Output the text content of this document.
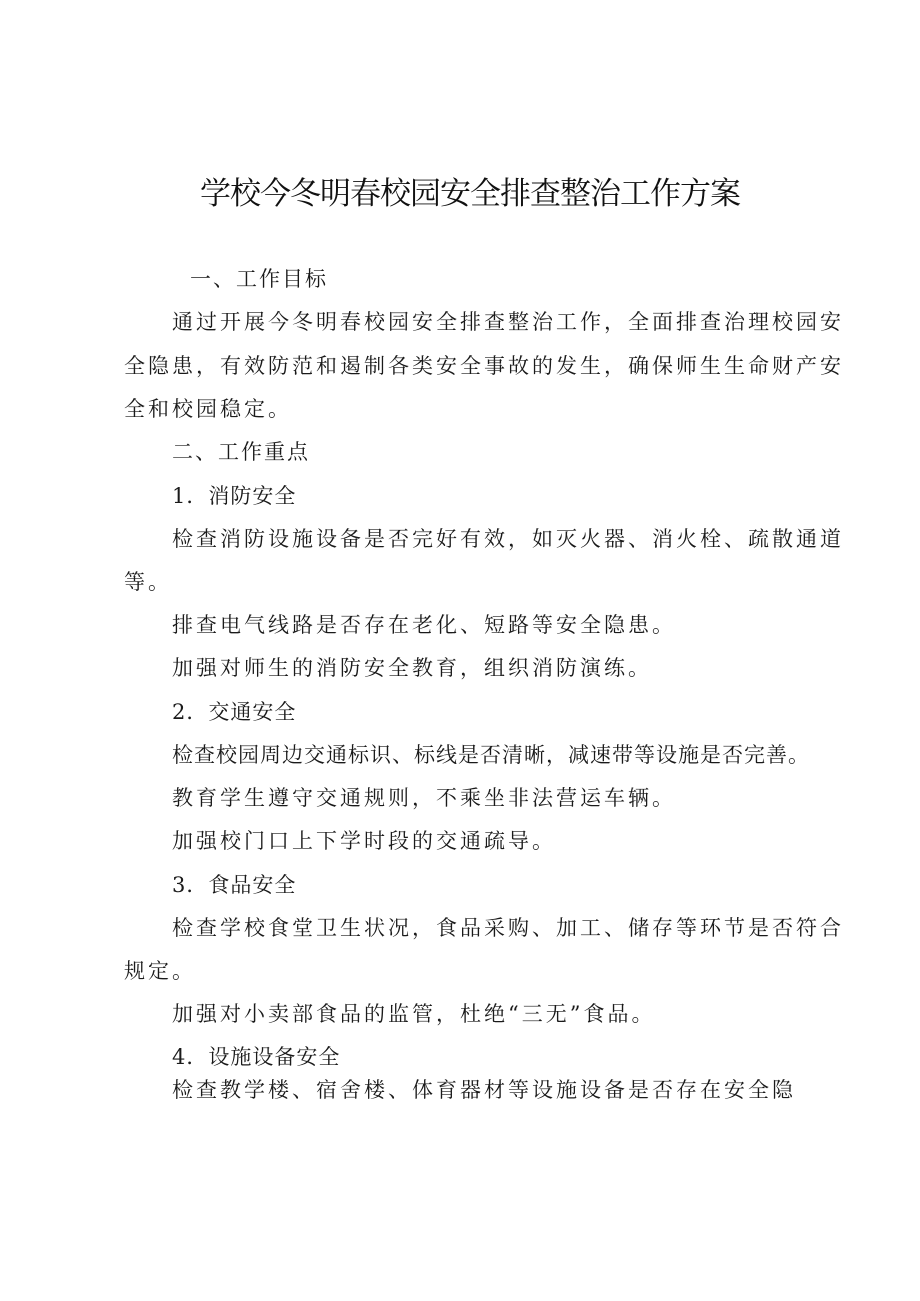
学校今冬明春校园安全排查整治工作方案
一、工作目标
通过开展今冬明春校园安全排查整治工作，全面排查治理校园安
全隐患，有效防范和遏制各类安全事故的发生，确保师生生命财产安
全和校园稳定。
二、工作重点
1．消防安全
检查消防设施设备是否完好有效，如灭火器、消火栓、疏散通道
等。
排查电气线路是否存在老化、短路等安全隐患。
加强对师生的消防安全教育，组织消防演练。
2．交通安全
检查校园周边交通标识、标线是否清晰，减速带等设施是否完善。
教育学生遵守交通规则，不乘坐非法营运车辆。
加强校门口上下学时段的交通疏导。
3．食品安全
检查学校食堂卫生状况，食品采购、加工、储存等环节是否符合
规定。
加强对小卖部食品的监管，杜绝“三无”食品。
4．设施设备安全
检查教学楼、宿舍楼、体育器材等设施设备是否存在安全隐
